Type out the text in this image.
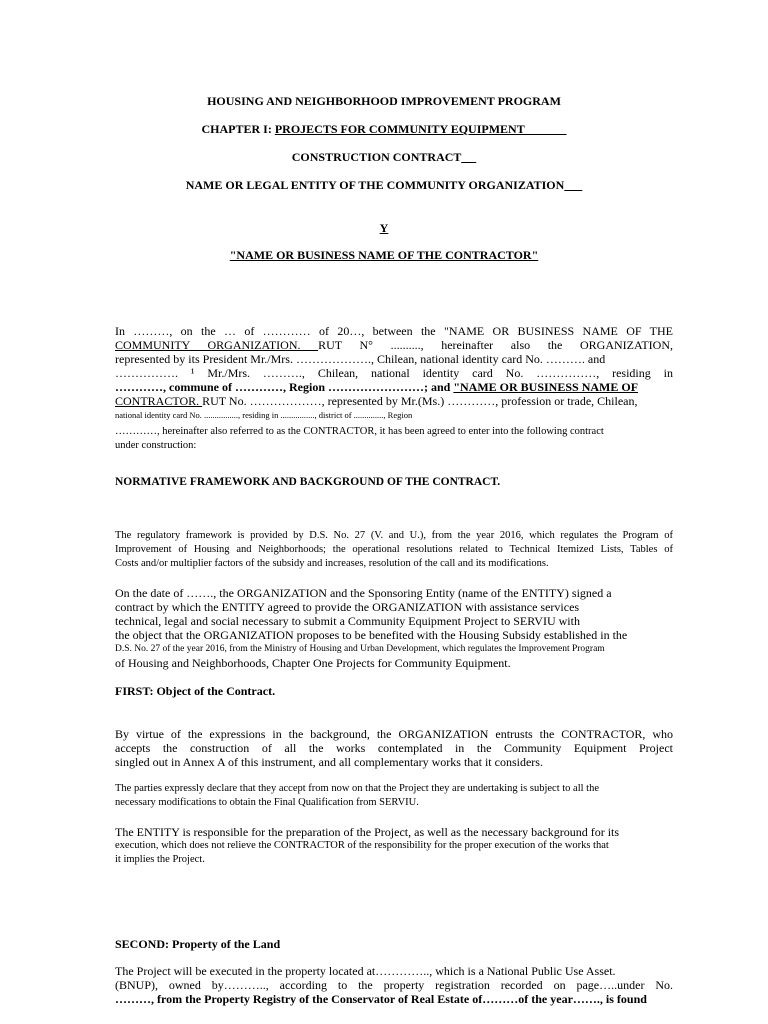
HOUSING AND NEIGHBORHOOD IMPROVEMENT PROGRAM
CHAPTER I: PROJECTS FOR COMMUNITY EQUIPMENT
CONSTRUCTION CONTRACT
NAME OR LEGAL ENTITY OF THE COMMUNITY ORGANIZATION
Y
"NAME OR BUSINESS NAME OF THE CONTRACTOR"
In ………, on the … of ………… of 20…, between the "NAME OR BUSINESS NAME OF THE
COMMUNITY ORGANIZATION. RUT N° .........., hereinafter also the ORGANIZATION,
represented by its President Mr./Mrs. ………………., Chilean, national identity card No. ………. and
……………. ¹ Mr./Mrs. ………., Chilean, national identity card No. ……………, residing in
…………, commune of …………, Region ……………………; and "NAME OR BUSINESS NAME OF
CONTRACTOR. RUT No. ………………, represented by Mr.(Ms.) …………, profession or trade, Chilean,
national identity card No. ................, residing in ................, district of .............., Region
…………, hereinafter also referred to as the CONTRACTOR, it has been agreed to enter into the following contract
under construction:
NORMATIVE FRAMEWORK AND BACKGROUND OF THE CONTRACT.
The regulatory framework is provided by D.S. No. 27 (V. and U.), from the year 2016, which regulates the Program of
Improvement of Housing and Neighborhoods; the operational resolutions related to Technical Itemized Lists, Tables of
Costs and/or multiplier factors of the subsidy and increases, resolution of the call and its modifications.
On the date of ……., the ORGANIZATION and the Sponsoring Entity (name of the ENTITY) signed a
contract by which the ENTITY agreed to provide the ORGANIZATION with assistance services
technical, legal and social necessary to submit a Community Equipment Project to SERVIU with
the object that the ORGANIZATION proposes to be benefited with the Housing Subsidy established in the
D.S. No. 27 of the year 2016, from the Ministry of Housing and Urban Development, which regulates the Improvement Program
of Housing and Neighborhoods, Chapter One Projects for Community Equipment.
FIRST: Object of the Contract.
By virtue of the expressions in the background, the ORGANIZATION entrusts the CONTRACTOR, who
accepts the construction of all the works contemplated in the Community Equipment Project
singled out in Annex A of this instrument, and all complementary works that it considers.
The parties expressly declare that they accept from now on that the Project they are undertaking is subject to all the
necessary modifications to obtain the Final Qualification from SERVIU.
The ENTITY is responsible for the preparation of the Project, as well as the necessary background for its
execution, which does not relieve the CONTRACTOR of the responsibility for the proper execution of the works that
it implies the Project.
SECOND: Property of the Land
The Project will be executed in the property located at………….., which is a National Public Use Asset.
(BNUP), owned by……….., according to the property registration recorded on page…..under No.
………, from the Property Registry of the Conservator of Real Estate of………of the year……., is found
